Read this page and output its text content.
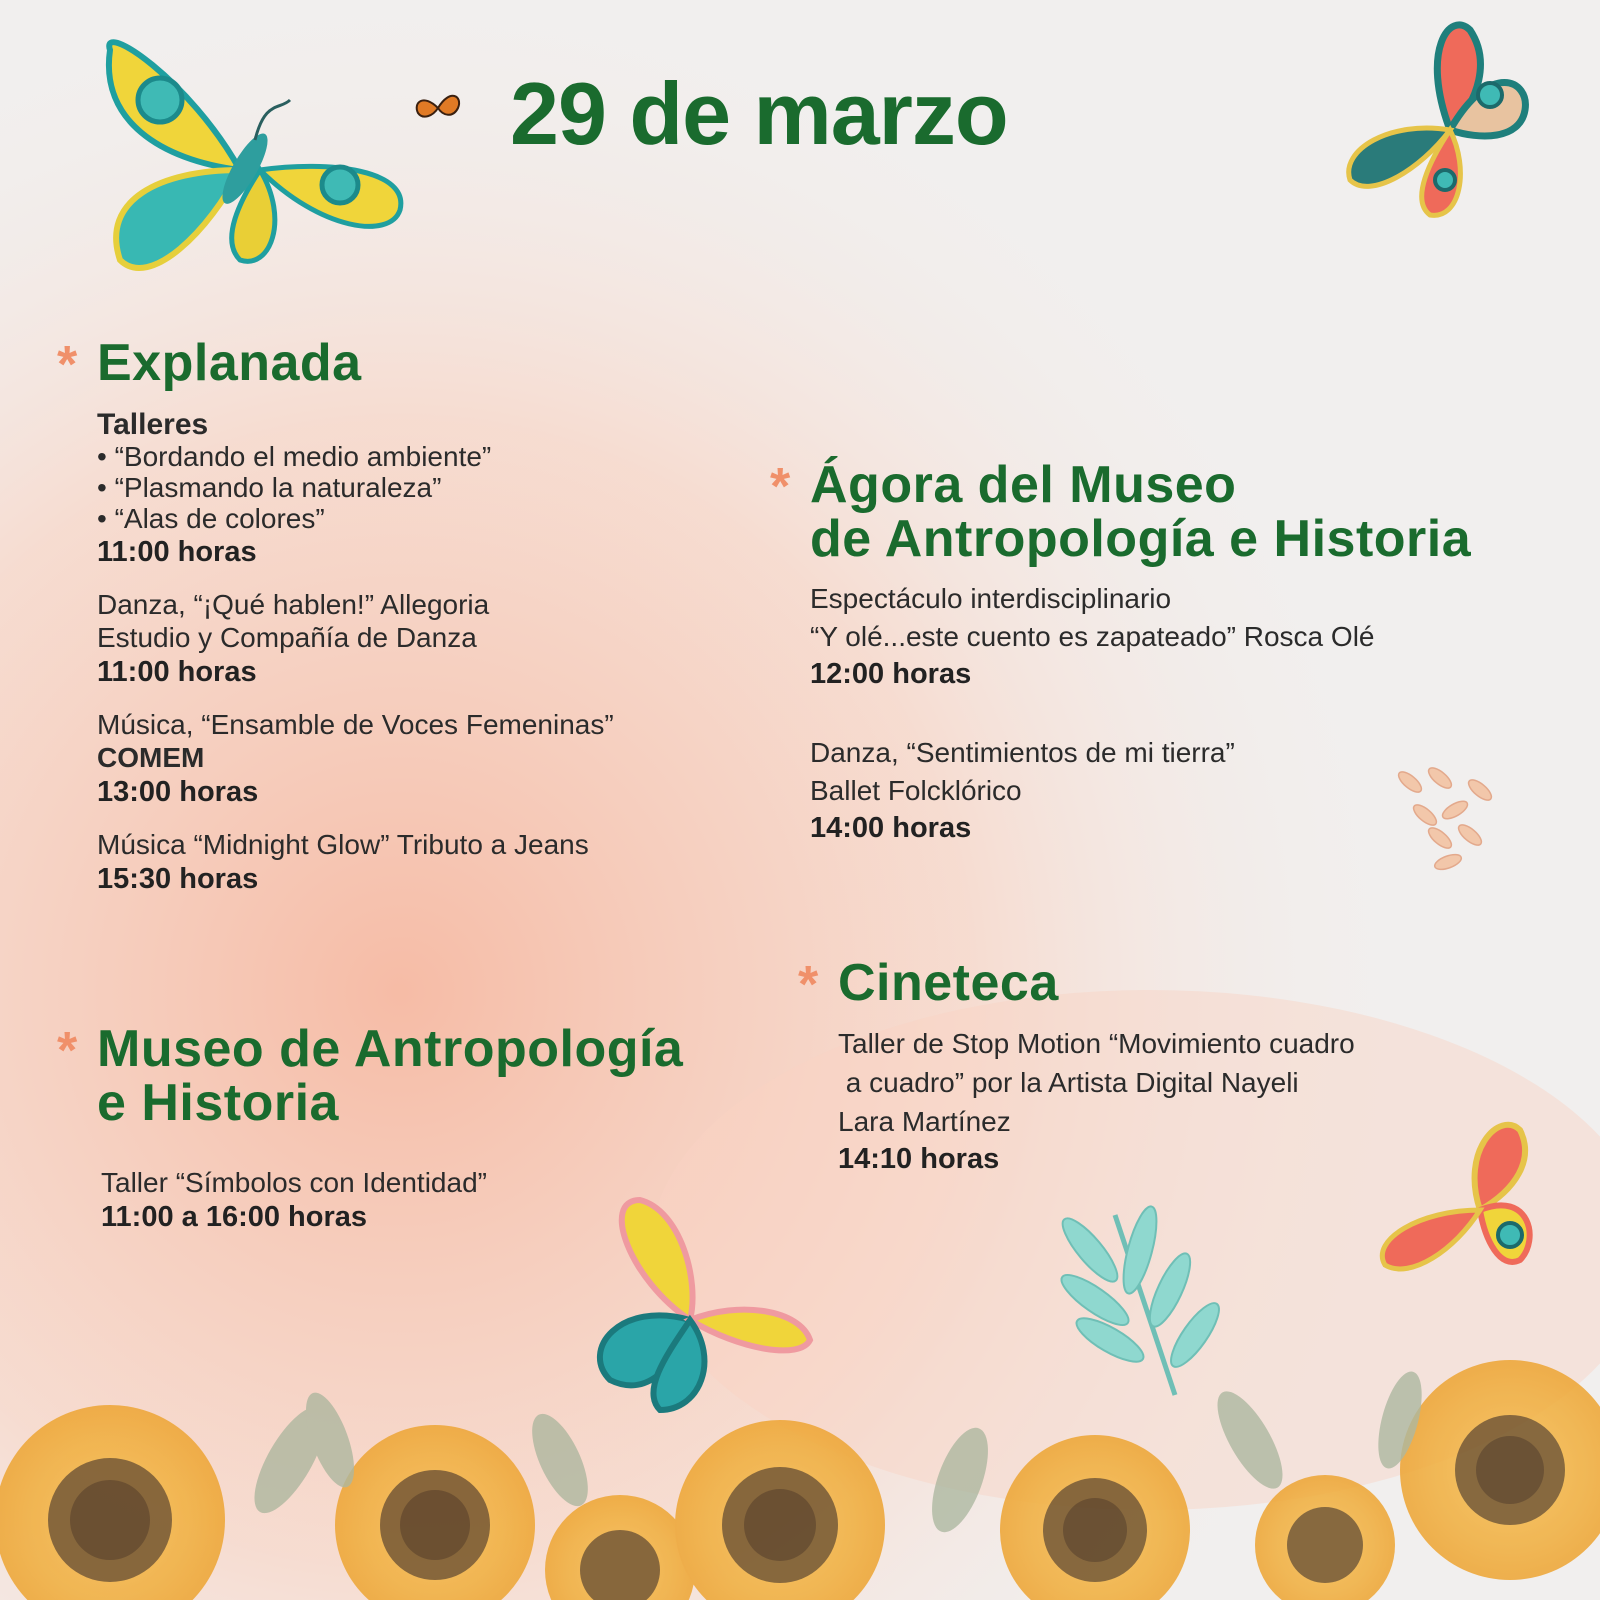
29 de marzo
* Explanada
Talleres
• “Bordando el medio ambiente”
• “Plasmando la naturaleza”
• “Alas de colores”
11:00 horas
Danza, “¡Qué hablen!” Allegoria
Estudio y Compañía de Danza
11:00 horas
Música, “Ensamble de Voces Femeninas”
COMEM
13:00 horas
Música “Midnight Glow” Tributo a Jeans
15:30 horas
* Museo de Antropología
e Historia
Taller “Símbolos con Identidad”
11:00 a 16:00 horas
* Ágora del Museo
de Antropología e Historia
Espectáculo interdisciplinario
“Y olé...este cuento es zapateado” Rosca Olé
12:00 horas
Danza, “Sentimientos de mi tierra”
Ballet Folcklórico
14:00 horas
* Cineteca
Taller de Stop Motion “Movimiento cuadro
a cuadro” por la Artista Digital Nayeli
Lara Martínez
14:10 horas
